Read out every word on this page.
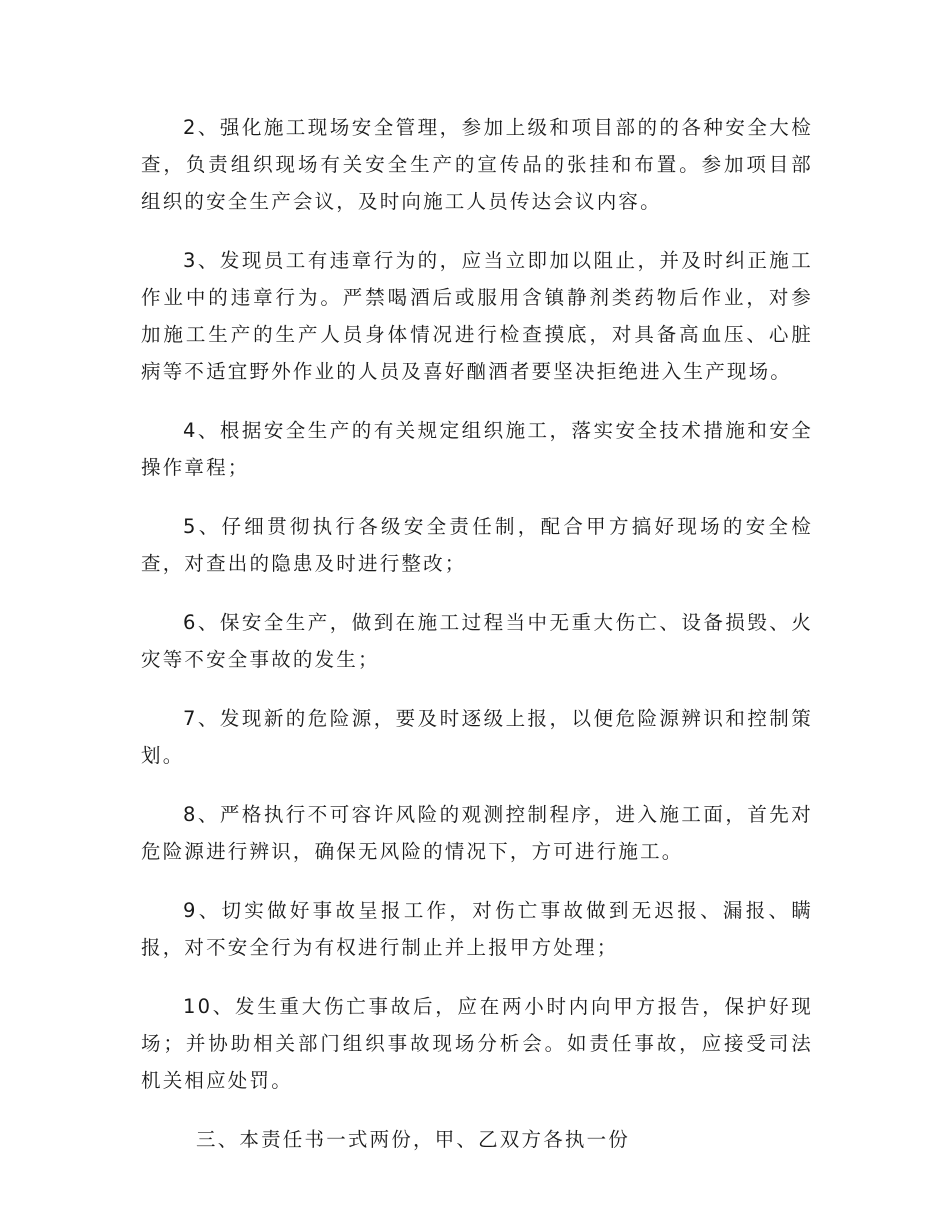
2、强化施工现场安全管理，参加上级和项目部的的各种安全大检查，负责组织现场有关安全生产的宣传品的张挂和布置。参加项目部组织的安全生产会议，及时向施工人员传达会议内容。

3、发现员工有违章行为的，应当立即加以阻止，并及时纠正施工作业中的违章行为。严禁喝酒后或服用含镇静剂类药物后作业，对参加施工生产的生产人员身体情况进行检查摸底，对具备高血压、心脏病等不适宜野外作业的人员及喜好酗酒者要坚决拒绝进入生产现场。

4、根据安全生产的有关规定组织施工，落实安全技术措施和安全操作章程；

5、仔细贯彻执行各级安全责任制，配合甲方搞好现场的安全检查，对查出的隐患及时进行整改；

6、保安全生产，做到在施工过程当中无重大伤亡、设备损毁、火灾等不安全事故的发生；

7、发现新的危险源，要及时逐级上报，以便危险源辨识和控制策划。

8、严格执行不可容许风险的观测控制程序，进入施工面，首先对危险源进行辨识，确保无风险的情况下，方可进行施工。

9、切实做好事故呈报工作，对伤亡事故做到无迟报、漏报、瞒报，对不安全行为有权进行制止并上报甲方处理；

10、发生重大伤亡事故后，应在两小时内向甲方报告，保护好现场；并协助相关部门组织事故现场分析会。如责任事故，应接受司法机关相应处罚。

三、本责任书一式两份，甲、乙双方各执一份
